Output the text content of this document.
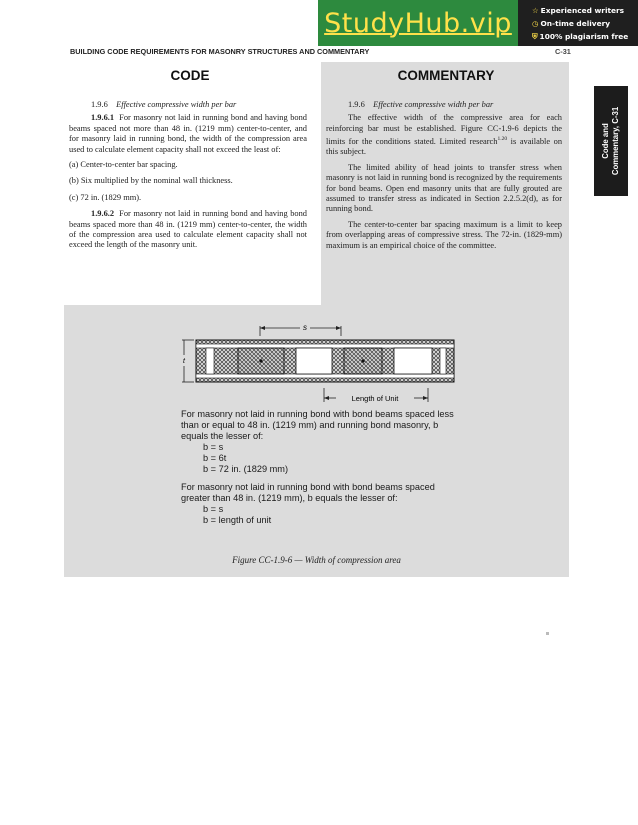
StudyHub.vip	☆ Experienced writers
◷ On-time delivery
⛨ 100% plagiarism free
BUILDING CODE REQUIREMENTS FOR MASONRY STRUCTURES AND COMMENTARY	C-31
Code and Commentary, C-31
CODE	COMMENTARY

1.9.6 Effective compressive width per bar

1.9.6.1 For masonry not laid in running bond and having bond beams spaced not more than 48 in. (1219 mm) center-to-center, and for masonry laid in running bond, the width of the compression area used to calculate element capacity shall not exceed the least of:

(a) Center-to-center bar spacing.

(b) Six multiplied by the nominal wall thickness.

(c) 72 in. (1829 mm).

1.9.6.2 For masonry not laid in running bond and having bond beams spaced more than 48 in. (1219 mm) center-to-center, the width of the compression area used to calculate element capacity shall not exceed the length of the masonry unit.

1.9.6 Effective compressive width per bar

The effective width of the compressive area for each reinforcing bar must be established. Figure CC-1.9-6 depicts the limits for the conditions stated. Limited research$^{1.20}$ is available on this subject.

The limited ability of head joints to transfer stress when masonry is not laid in running bond is recognized by the requirements for bond beams. Open end masonry units that are fully grouted are assumed to transfer stress as indicated in Section 2.2.5.2(d), as for running bond.

The center-to-center bar spacing maximum is a limit to keep from overlapping areas of compressive stress. The 72-in. (1829-mm) maximum is an empirical choice of the committee.

s
t
Length of Unit

For masonry not laid in running bond with bond beams spaced less than or equal to 48 in. (1219 mm) and running bond masonry, b equals the lesser of:

b = s

b = 6t

b = 72 in. (1829 mm)

For masonry not laid in running bond with bond beams spaced greater than 48 in. (1219 mm), b equals the lesser of:

b = s

b = length of unit

Figure CC-1.9-6 — Width of compression area
